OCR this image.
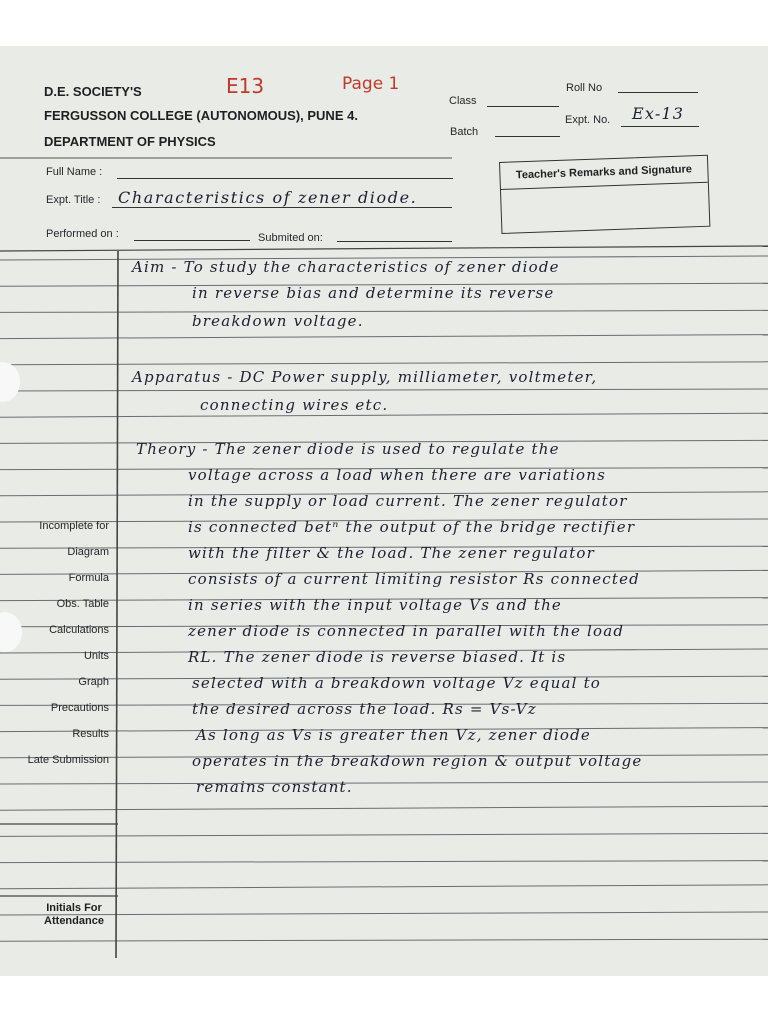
D.E. SOCIETY'S
FERGUSSON COLLEGE (AUTONOMOUS), PUNE 4.
DEPARTMENT OF PHYSICS
E13	Page 1
Class
Roll No
Batch
Expt. No. Ex-13
Full Name :
Expt. Title : Characteristics of zener diode.
Performed on :	Submited on:
Teacher's Remarks and Signature
Incomplete for
Diagram
Formula
Obs. Table
Calculations
Units
Graph
Precautions
Results
Late Submission
Initials For Attendance
Aim - To study the characteristics of zener diode
in reverse bias and determine its reverse
breakdown voltage.
Apparatus - DC Power supply, milliameter, voltmeter,
connecting wires etc.
Theory - The zener diode is used to regulate the
voltage across a load when there are variations
in the supply or load current. The zener regulator
is connected betⁿ the output of the bridge rectifier
with the filter & the load. The zener regulator
consists of a current limiting resistor Rs connected
in series with the input voltage Vs and the
zener diode is connected in parallel with the load
RL. The zener diode is reverse biased. It is
selected with a breakdown voltage Vz equal to
the desired across the load. Rs = Vs-Vz
As long as Vs is greater then Vz, zener diode
operates in the breakdown region & output voltage
remains constant.
